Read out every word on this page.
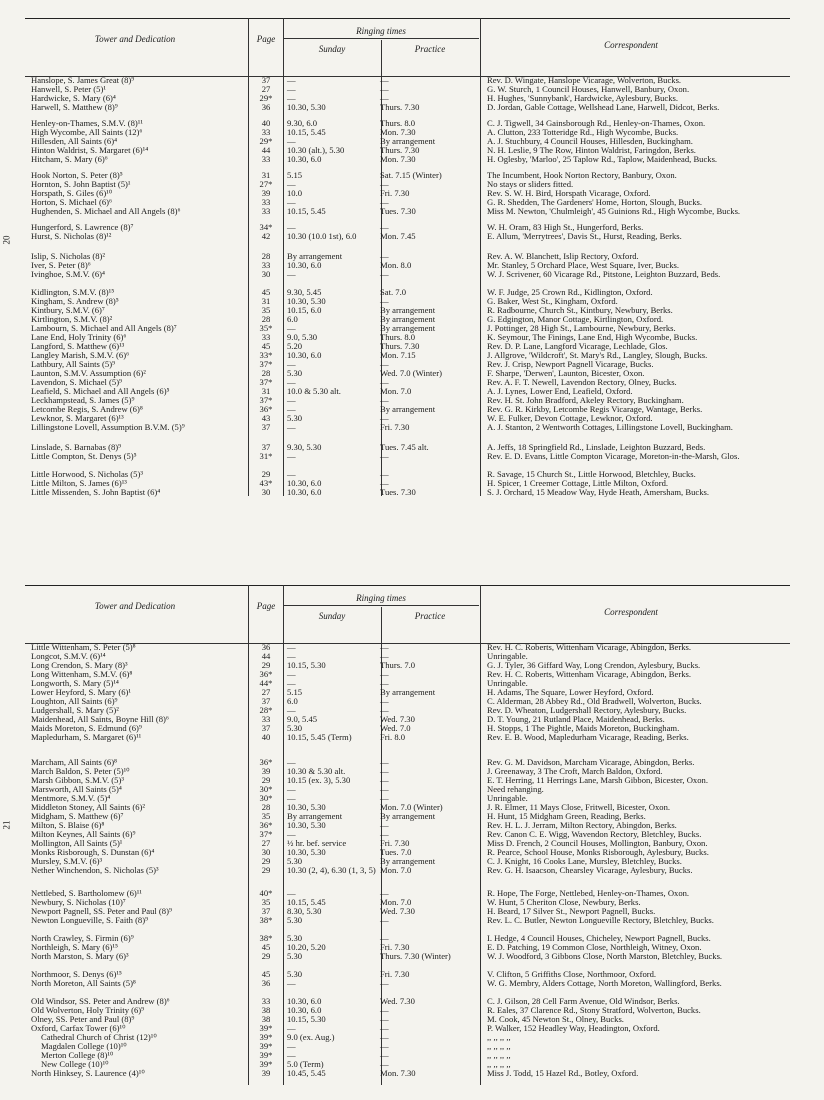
Tower and Dedication	Page
Ringing times
Sunday	Practice	Correspondent
Hanslope, S. James Great (8)⁹	37	—	—	Rev. D. Wingate, Hanslope Vicarage, Wolverton, Bucks.
Hanwell, S. Peter (5)¹	27	—	—	G. W. Sturch, 1 Council Houses, Hanwell, Banbury, Oxon.
Hardwicke, S. Mary (6)⁴	29*	—	—	H. Hughes, 'Sunnybank', Hardwicke, Aylesbury, Bucks.
Harwell, S. Matthew (8)⁹	36	10.30, 5.30	Thurs. 7.30	D. Jordan, Gable Cottage, Wellshead Lane, Harwell, Didcot, Berks.
Henley-on-Thames, S.M.V. (8)¹¹	40	9.30, 6.0	Thurs. 8.0	C. J. Tigwell, 34 Gainsborough Rd., Henley-on-Thames, Oxon.
High Wycombe, All Saints (12)⁶	33	10.15, 5.45	Mon. 7.30	A. Clutton, 233 Totteridge Rd., High Wycombe, Bucks.
Hillesden, All Saints (6)⁴	29*	—	By arrangement	A. J. Stuchbury, 4 Council Houses, Hillesden, Buckingham.
Hinton Waldrist, S. Margaret (6)¹⁴	44	10.30 (alt.), 5.30	Thurs. 7.30	N. H. Leslie, 9 The Row, Hinton Waldrist, Faringdon, Berks.
Hitcham, S. Mary (6)⁶	33	10.30, 6.0	Mon. 7.30	H. Oglesby, 'Marloo', 25 Taplow Rd., Taplow, Maidenhead, Bucks.
Hook Norton, S. Peter (8)⁵	31	5.15	Sat. 7.15 (Winter)	The Incumbent, Hook Norton Rectory, Banbury, Oxon.
Hornton, S. John Baptist (5)¹	27*	—	—	No stays or sliders fitted.
Horspath, S. Giles (6)¹⁰	39	10.0	Fri. 7.30	Rev. S. W. H. Bird, Horspath Vicarage, Oxford.
Horton, S. Michael (6)⁶	33	—	—	G. R. Shedden, The Gardeners' Home, Horton, Slough, Bucks.
Hughenden, S. Michael and All Angels (8)⁶	33	10.15, 5.45	Tues. 7.30	Miss M. Newton, 'Chulmleigh', 45 Guinions Rd., High Wycombe, Bucks.
Hungerford, S. Lawrence (8)⁷	34*	—	—	W. H. Oram, 83 High St., Hungerford, Berks.
Hurst, S. Nicholas (8)¹²	42	10.30 (10.0 1st), 6.0	Mon. 7.45	E. Allum, 'Merrytrees', Davis St., Hurst, Reading, Berks.
Islip, S. Nicholas (8)²	28	By arrangement	—	Rev. A. W. Blanchett, Islip Rectory, Oxford.
Iver, S. Peter (8)⁶	33	10.30, 6.0	Mon. 8.0	Mr. Stanley, 5 Orchard Place, West Square, Iver, Bucks.
Ivinghoe, S.M.V. (6)⁴	30	—	—	W. J. Scrivener, 60 Vicarage Rd., Pitstone, Leighton Buzzard, Beds.
Kidlington, S.M.V. (8)¹⁵	45	9.30, 5.45	Sat. 7.0	W. F. Judge, 25 Crown Rd., Kidlington, Oxford.
Kingham, S. Andrew (8)⁵	31	10.30, 5.30	—	G. Baker, West St., Kingham, Oxford.
Kintbury, S.M.V. (6)⁷	35	10.15, 6.0	By arrangement	R. Radbourne, Church St., Kintbury, Newbury, Berks.
Kirtlington, S.M.V. (8)²	28	6.0	By arrangement	G. Edgington, Manor Cottage, Kirtlington, Oxford.
Lambourn, S. Michael and All Angels (8)⁷	35*	—	By arrangement	J. Pottinger, 28 High St., Lambourne, Newbury, Berks.
Lane End, Holy Trinity (6)⁶	33	9.0, 5.30	Thurs. 8.0	K. Seymour, The Finings, Lane End, High Wycombe, Bucks.
Langford, S. Matthew (6)¹³	45	5.20	Thurs. 7.30	Rev. D. P. Lane, Langford Vicarage, Lechlade, Glos.
Langley Marish, S.M.V. (6)⁶	33*	10.30, 6.0	Mon. 7.15	J. Allgrove, 'Wildcroft', St. Mary's Rd., Langley, Slough, Bucks.
Lathbury, All Saints (5)⁹	37*	—	—	Rev. J. Crisp, Newport Pagnell Vicarage, Bucks.
Launton, S.M.V. Assumption (6)²	28	5.30	Wed. 7.0 (Winter)	F. Sharpe, 'Derwen', Launton, Bicester, Oxon.
Lavendon, S. Michael (5)⁹	37*	—	—	Rev. A. F. T. Newell, Lavendon Rectory, Olney, Bucks.
Leafield, S. Michael and All Angels (6)⁵	31	10.0 & 5.30 alt.	Mon. 7.0	A. J. Lynes, Lower End, Leafield, Oxford.
Leckhampstead, S. James (5)⁹	37*	—	—	Rev. H. St. John Bradford, Akeley Rectory, Buckingham.
Letcombe Regis, S. Andrew (6)⁸	36*	—	By arrangement	Rev. G. R. Kirkby, Letcombe Regis Vicarage, Wantage, Berks.
Lewknor, S. Margaret (6)¹³	43	5.30	—	W. E. Fulker, Devon Cottage, Lewknor, Oxford.
Lillingstone Lovell, Assumption B.V.M. (5)⁹	37	—	Fri. 7.30	A. J. Stanton, 2 Wentworth Cottages, Lillingstone Lovell, Buckingham.
Linslade, S. Barnabas (8)⁹	37	9.30, 5.30	Tues. 7.45 alt.	A. Jeffs, 18 Springfield Rd., Linslade, Leighton Buzzard, Beds.
Little Compton, St. Denys (5)⁵	31*	—	—	Rev. E. D. Evans, Little Compton Vicarage, Moreton-in-the-Marsh, Glos.
Little Horwood, S. Nicholas (5)³	29	—	—	R. Savage, 15 Church St., Little Horwood, Bletchley, Bucks.
Little Milton, S. James (6)¹³	43*	10.30, 6.0	—	H. Spicer, 1 Creemer Cottage, Little Milton, Oxford.
Little Missenden, S. John Baptist (6)⁴	30	10.30, 6.0	Tues. 7.30	S. J. Orchard, 15 Meadow Way, Hyde Heath, Amersham, Bucks.
20
Tower and Dedication	Page
Ringing times
Sunday	Practice	Correspondent
Little Wittenham, S. Peter (5)⁸	36	—	—	Rev. H. C. Roberts, Wittenham Vicarage, Abingdon, Berks.
Longcot, S.M.V. (6)¹⁴	44	—	—	Unringable.
Long Crendon, S. Mary (8)³	29	10.15, 5.30	Thurs. 7.0	G. J. Tyler, 36 Giffard Way, Long Crendon, Aylesbury, Bucks.
Long Wittenham, S.M.V. (6)⁸	36*	—	—	Rev. H. C. Roberts, Wittenham Vicarage, Abingdon, Berks.
Longworth, S. Mary (5)¹⁴	44*	—	—	Unringable.
Lower Heyford, S. Mary (6)¹	27	5.15	By arrangement	H. Adams, The Square, Lower Heyford, Oxford.
Loughton, All Saints (6)⁹	37	6.0	—	C. Alderman, 28 Abbey Rd., Old Bradwell, Wolverton, Bucks.
Ludgershall, S. Mary (5)²	28*	—	—	Rev. D. Wheaton, Ludgershall Rectory, Aylesbury, Bucks.
Maidenhead, All Saints, Boyne Hill (8)⁶	33	9.0, 5.45	Wed. 7.30	D. T. Young, 21 Rutland Place, Maidenhead, Berks.
Maids Moreton, S. Edmund (6)⁹	37	5.30	Wed. 7.0	H. Stopps, 1 The Pightle, Maids Moreton, Buckingham.
Mapledurham, S. Margaret (6)¹¹	40	10.15, 5.45 (Term)	Fri. 8.0	Rev. E. B. Wood, Mapledurham Vicarage, Reading, Berks.
Marcham, All Saints (6)⁸	36*	—	—	Rev. G. M. Davidson, Marcham Vicarage, Abingdon, Berks.
March Baldon, S. Peter (5)¹⁰	39	10.30 & 5.30 alt.	—	J. Greenaway, 3 The Croft, March Baldon, Oxford.
Marsh Gibbon, S.M.V. (5)³	29	10.15 (ex. 3), 5.30	—	E. T. Herring, 11 Herrings Lane, Marsh Gibbon, Bicester, Oxon.
Marsworth, All Saints (5)⁴	30*	—	—	Need rehanging.
Mentmore, S.M.V. (5)⁴	30*	—	—	Unringable.
Middleton Stoney, All Saints (6)²	28	10.30, 5.30	Mon. 7.0 (Winter)	J. R. Elmer, 11 Mays Close, Fritwell, Bicester, Oxon.
Midgham, S. Matthew (6)⁷	35	By arrangement	By arrangement	H. Hunt, 15 Midgham Green, Reading, Berks.
Milton, S. Blaise (6)⁸	36*	10.30, 5.30	—	Rev. H. L. J. Jerram, Milton Rectory, Abingdon, Berks.
Milton Keynes, All Saints (6)⁹	37*	—	—	Rev. Canon C. E. Wigg, Wavendon Rectory, Bletchley, Bucks.
Mollington, All Saints (5)¹	27	½ hr. bef. service	Fri. 7.30	Miss D. French, 2 Council Houses, Mollington, Banbury, Oxon.
Monks Risborough, S. Dunstan (6)⁴	30	10.30, 5.30	Tues. 7.0	R. Pearce, School House, Monks Risborough, Aylesbury, Bucks.
Mursley, S.M.V. (6)³	29	5.30	By arrangement	C. J. Knight, 16 Cooks Lane, Mursley, Bletchley, Bucks.
Nether Winchendon, S. Nicholas (5)³	29	10.30 (2, 4), 6.30 (1, 3, 5) Mon. 7.0	Rev. G. H. Isaacson, Chearsley Vicarage, Aylesbury, Bucks.
Nettlebed, S. Bartholomew (6)¹¹	40*	—	—	R. Hope, The Forge, Nettlebed, Henley-on-Thames, Oxon.
Newbury, S. Nicholas (10)⁷	35	10.15, 5.45	Mon. 7.0	W. Hunt, 5 Cheriton Close, Newbury, Berks.
Newport Pagnell, SS. Peter and Paul (8)⁹	37	8.30, 5.30	Wed. 7.30	H. Beard, 17 Silver St., Newport Pagnell, Bucks.
Newton Longueville, S. Faith (8)⁹	38*	5.30	—	Rev. L. C. Butler, Newton Longueville Rectory, Bletchley, Bucks.
North Crawley, S. Firmin (6)⁹	38*	5.30	—	I. Hedge, 4 Council Houses, Chicheley, Newport Pagnell, Bucks.
Northleigh, S. Mary (6)¹⁵	45	10.20, 5.20	Fri. 7.30	E. D. Patching, 19 Common Close, Northleigh, Witney, Oxon.
North Marston, S. Mary (6)³	29	5.30	Thurs. 7.30 (Winter)	W. J. Woodford, 3 Gibbons Close, North Marston, Bletchley, Bucks.
Northmoor, S. Denys (6)¹⁵	45	5.30	Fri. 7.30	V. Clifton, 5 Griffiths Close, Northmoor, Oxford.
North Moreton, All Saints (5)⁸	36	—	—	W. G. Membry, Alders Cottage, North Moreton, Wallingford, Berks.
Old Windsor, SS. Peter and Andrew (8)⁶	33	10.30, 6.0	Wed. 7.30	C. J. Gilson, 28 Cell Farm Avenue, Old Windsor, Berks.
Old Wolverton, Holy Trinity (6)⁹	38	10.30, 6.0	—	R. Eales, 37 Clarence Rd., Stony Stratford, Wolverton, Bucks.
Olney, SS. Peter and Paul (8)⁹	38	10.15, 5.30	—	M. Cook, 45 Newton St., Olney, Bucks.
Oxford, Carfax Tower (6)¹⁰	39*	—	—	P. Walker, 152 Headley Way, Headington, Oxford.
Cathedral Church of Christ (12)¹⁰	39*	9.0 (ex. Aug.)	—	,, ,, ,, ,,
Magdalen College (10)¹⁰	39*	—	—	,, ,, ,, ,,
Merton College (8)¹⁰	39*	—	—	,, ,, ,, ,,
New College (10)¹⁰	39*	5.0 (Term)	—	,, ,, ,, ,,
North Hinksey, S. Laurence (4)¹⁰	39	10.45, 5.45	Mon. 7.30	Miss J. Todd, 15 Hazel Rd., Botley, Oxford.
21
